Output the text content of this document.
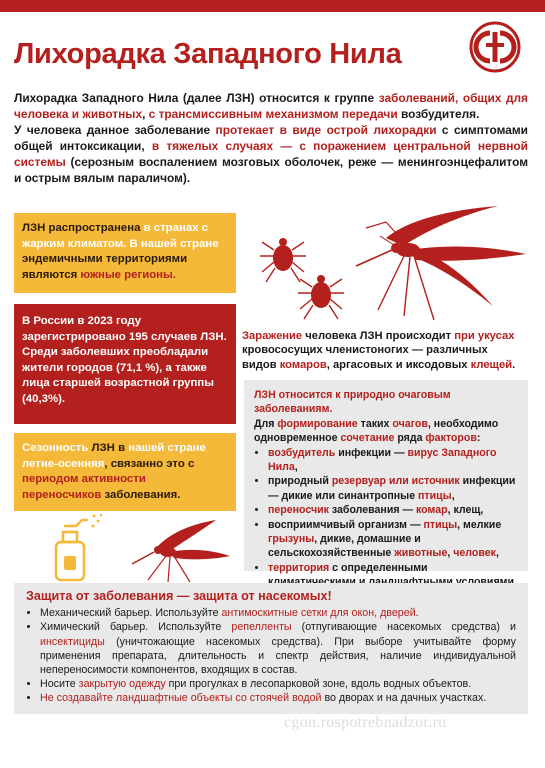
Лихорадка Западного Нила

Лихорадка Западного Нила (далее ЛЗН) относится к группе заболеваний, общих для человека и животных, с трансмиссивным механизмом передачи возбудителя.

У человека данное заболевание протекает в виде острой лихорадки с симптомами общей интоксикации, в тяжелых случаях — с поражением центральной нервной системы (серозным воспалением мозговых оболочек, реже — менингоэнцефалитом и острым вялым параличом).

ЛЗН распространена в странах с жарким климатом. В нашей стране эндемичными территориями являются южные регионы.
В России в 2023 году зарегистрировано 195 случаев ЛЗН. Среди заболевших преобладали жители городов (71,1 %), а также лица старшей возрастной группы (40,3%).
Сезонность ЛЗН в нашей стране летне-осенняя, связанно это с периодом активности переносчиков заболевания.
Заражение человека ЛЗН происходит при укусах кровососущих членистоногих — различных видов комаров, аргасовых и иксодовых клещей.
ЛЗН относится к природно очаговым заболеваниям.
Для формирование таких очагов, необходимо одновременное сочетание ряда факторов:
• возбудитель инфекции — вирус Западного Нила,
• природный резервуар или источник инфекции — дикие или синантропные птицы,
• переносчик заболевания — комар, клещ,
• восприимчивый организм — птицы, мелкие грызуны, дикие, домашние и сельскохозяйственные животные, человек,
• территория с определенными
Защита от заболевания — защита от насекомых!
• Механический барьер. Используйте антимоскитные сетки для окон, дверей.
• Химический барьер. Используйте репелленты (отпугивающие насекомых средства) и инсектициды (уничтожающие насекомых средства). При выборе учитывайте форму применения препарата, длительность и спектр действия, наличие индивидуальной непереносимости компонентов, входящих в состав.
• Носите закрытую одежду при прогулках в лесопарковой зоне, вдоль водных объектов.
• Не создавайте ландшафтные объекты со стоячей водой во дворах и на дачных участках.
cgon.rospotrebnadzor.ru
